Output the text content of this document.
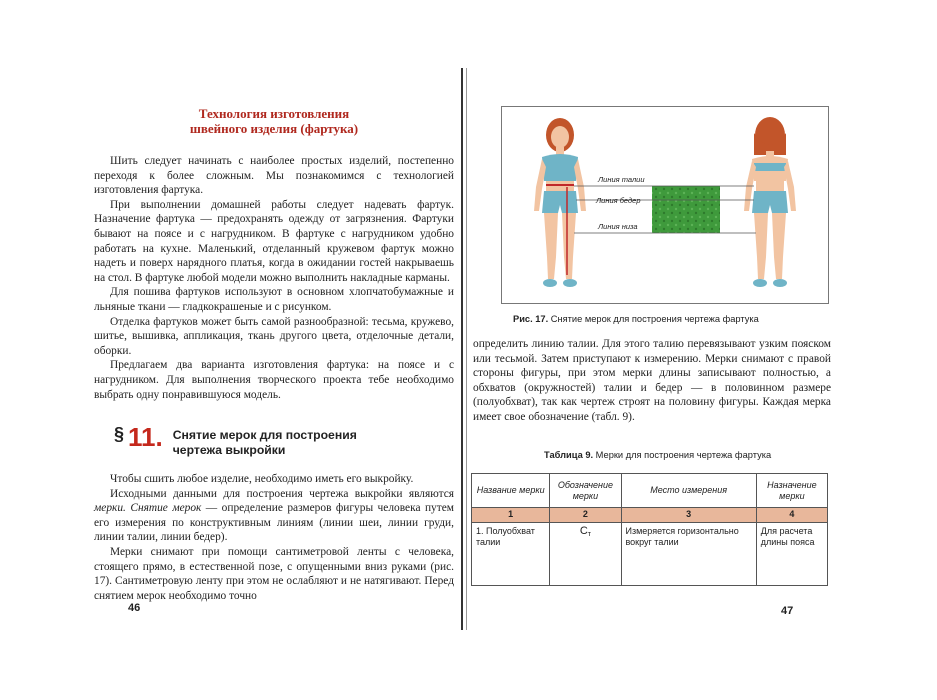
Технология изготовления
швейного изделия (фартука)

Шить следует начинать с наиболее простых изделий, постепенно переходя к более сложным. Мы познакомимся с технологией изготовления фартука.

При выполнении домашней работы следует надевать фартук. Назначение фартука — предохранять одежду от загрязнения. Фартуки бывают на поясе и с нагрудником. В фартуке с нагрудником удобно работать на кухне. Маленький, отделанный кружевом фартук можно надеть и поверх нарядного платья, когда в ожидании гостей накрываешь на стол. В фартуке любой модели можно выполнить накладные карманы.

Для пошива фартуков используют в основном хлопчатобумажные и льняные ткани — гладкокрашеные и с рисунком.

Отделка фартуков может быть самой разнообразной: тесьма, кружево, шитье, вышивка, аппликация, ткань другого цвета, отделочные детали, оборки.

Предлагаем два варианта изготовления фартука: на поясе и с нагрудником. Для выполнения творческого проекта тебе необходимо выбрать одну понравившуюся модель.

§ 11. Снятие мерок для построения
чертежа выкройки

Чтобы сшить любое изделие, необходимо иметь его выкройку.

Исходными данными для построения чертежа выкройки являются мерки. Снятие мерок — определение размеров фигуры человека путем его измерения по конструктивным линиям (линии шеи, линии груди, линии талии, линии бедер).

Мерки снимают при помощи сантиметровой ленты с человека, стоящего прямо, в естественной позе, с опущенными вниз руками (рис. 17). Сантиметровую ленту при этом не ослабляют и не натягивают. Перед снятием мерок необходимо точно

46
Линия талии
Линия бедер
Линия низа
Рис. 17. Снятие мерок для построения чертежа фартука
определить линию талии. Для этого талию перевязывают узким пояском или тесьмой. Затем приступают к измерению. Мерки снимают с правой стороны фигуры, при этом мерки длины записывают полностью, а обхватов (окружностей) талии и бедер — в половинном размере (полуобхват), так как чертеж строят на половину фигуры. Каждая мерка имеет свое обозначение (табл. 9).
Таблица 9. Мерки для построения чертежа фартука
Название мерки	Обозначение мерки	Место измерения	Назначение мерки
1	2	3	4
1. Полуобхват талии	$С_т$	Измеряется горизонтально вокруг талии	Для расчета длины пояса
47
